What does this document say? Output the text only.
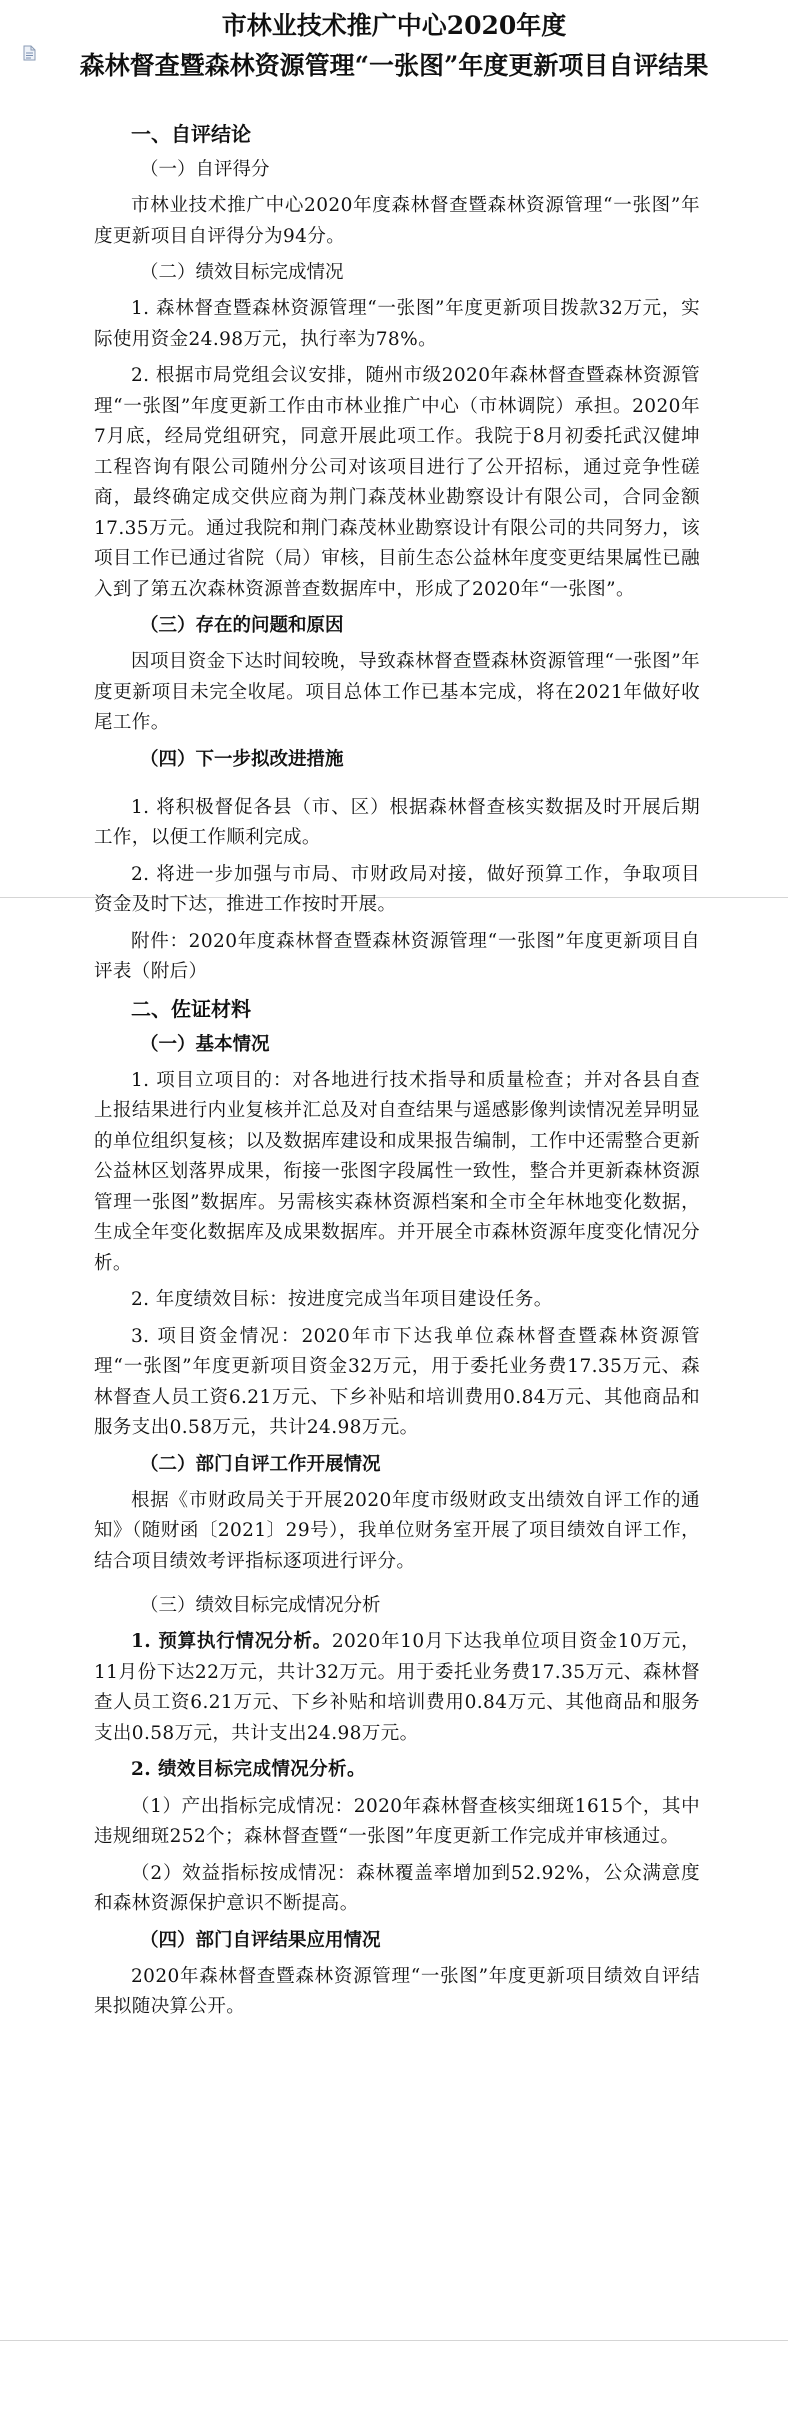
市林业技术推广中心2020年度

森林督查暨森林资源管理“一张图”年度更新项目自评结果

一、自评结论
（一）自评得分

市林业技术推广中心2020年度森林督查暨森林资源管理“一张图”年度更新项目自评得分为94分。

（二）绩效目标完成情况

1. 森林督查暨森林资源管理“一张图”年度更新项目拨款32万元，实际使用资金24.98万元，执行率为78%。

2. 根据市局党组会议安排，随州市级2020年森林督查暨森林资源管理“一张图”年度更新工作由市林业推广中心（市林调院）承担。2020年7月底，经局党组研究，同意开展此项工作。我院于8月初委托武汉健坤工程咨询有限公司随州分公司对该项目进行了公开招标，通过竞争性磋商，最终确定成交供应商为荆门森茂林业勘察设计有限公司，合同金额17.35万元。通过我院和荆门森茂林业勘察设计有限公司的共同努力，该项目工作已通过省院（局）审核，目前生态公益林年度变更结果属性已融入到了第五次森林资源普查数据库中，形成了2020年“一张图”。

（三）存在的问题和原因

因项目资金下达时间较晚，导致森林督查暨森林资源管理“一张图”年度更新项目未完全收尾。项目总体工作已基本完成，将在2021年做好收尾工作。

（四）下一步拟改进措施

1. 将积极督促各县（市、区）根据森林督查核实数据及时开展后期工作，以便工作顺利完成。

2. 将进一步加强与市局、市财政局对接，做好预算工作，争取项目资金及时下达，推进工作按时开展。

附件：2020年度森林督查暨森林资源管理“一张图”年度更新项目自评表（附后）

二、佐证材料
（一）基本情况

1. 项目立项目的：对各地进行技术指导和质量检查；并对各县自查上报结果进行内业复核并汇总及对自查结果与遥感影像判读情况差异明显的单位组织复核；以及数据库建设和成果报告编制，工作中还需整合更新公益林区划落界成果，衔接一张图字段属性一致性，整合并更新森林资源管理一张图”数据库。另需核实森林资源档案和全市全年林地变化数据，生成全年变化数据库及成果数据库。并开展全市森林资源年度变化情况分析。

2. 年度绩效目标：按进度完成当年项目建设任务。

3. 项目资金情况：2020年市下达我单位森林督查暨森林资源管理“一张图”年度更新项目资金32万元，用于委托业务费17.35万元、森林督查人员工资6.21万元、下乡补贴和培训费用0.84万元、其他商品和服务支出0.58万元，共计24.98万元。

（二）部门自评工作开展情况

根据《市财政局关于开展2020年度市级财政支出绩效自评工作的通知》（随财函〔2021〕29号），我单位财务室开展了项目绩效自评工作，结合项目绩效考评指标逐项进行评分。

（三）绩效目标完成情况分析

1. 预算执行情况分析。2020年10月下达我单位项目资金10万元，11月份下达22万元，共计32万元。用于委托业务费17.35万元、森林督查人员工资6.21万元、下乡补贴和培训费用0.84万元、其他商品和服务支出0.58万元，共计支出24.98万元。

2. 绩效目标完成情况分析。

（1）产出指标完成情况：2020年森林督查核实细斑1615个，其中违规细斑252个；森林督查暨“一张图”年度更新工作完成并审核通过。

（2）效益指标按成情况：森林覆盖率增加到52.92%，公众满意度和森林资源保护意识不断提高。

（四）部门自评结果应用情况

2020年森林督查暨森林资源管理“一张图”年度更新项目绩效自评结果拟随决算公开。
